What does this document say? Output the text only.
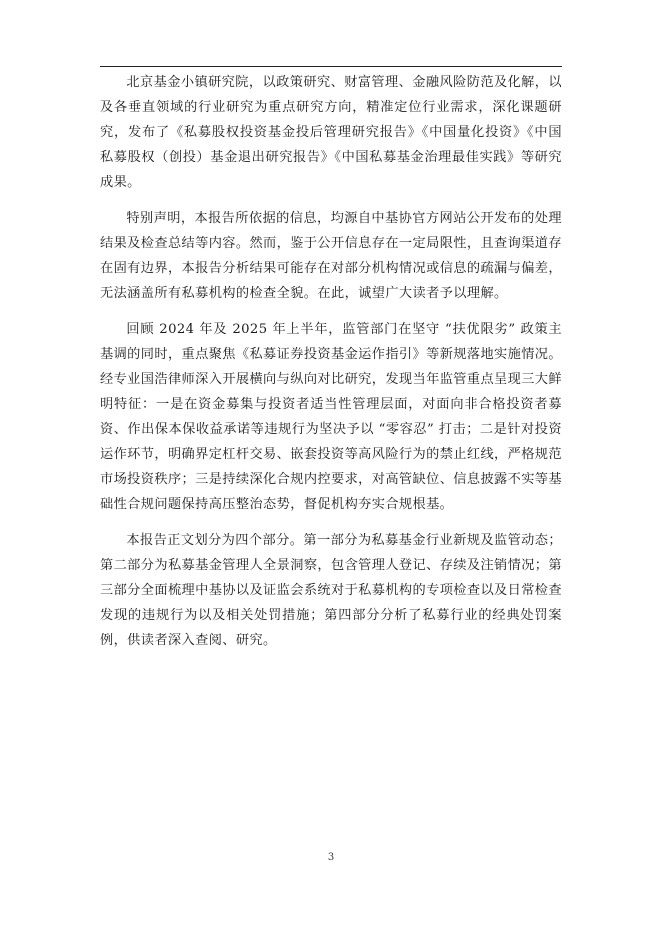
北京基金小镇研究院，以政策研究、财富管理、金融风险防范及化解，以及各垂直领域的行业研究为重点研究方向，精准定位行业需求，深化课题研究，发布了《私募股权投资基金投后管理研究报告》《中国量化投资》《中国私募股权（创投）基金退出研究报告》《中国私募基金治理最佳实践》等研究成果。

特别声明，本报告所依据的信息，均源自中基协官方网站公开发布的处理结果及检查总结等内容。然而，鉴于公开信息存在一定局限性，且查询渠道存在固有边界，本报告分析结果可能存在对部分机构情况或信息的疏漏与偏差，无法涵盖所有私募机构的检查全貌。在此，诚望广大读者予以理解。

回顾 2024 年及 2025 年上半年，监管部门在坚守 “扶优限劣” 政策主基调的同时，重点聚焦《私募证券投资基金运作指引》等新规落地实施情况。经专业国浩律师深入开展横向与纵向对比研究，发现当年监管重点呈现三大鲜明特征：一是在资金募集与投资者适当性管理层面，对面向非合格投资者募资、作出保本保收益承诺等违规行为坚决予以 “零容忍” 打击；二是针对投资运作环节，明确界定杠杆交易、嵌套投资等高风险行为的禁止红线，严格规范市场投资秩序；三是持续深化合规内控要求，对高管缺位、信息披露不实等基础性合规问题保持高压整治态势，督促机构夯实合规根基。

本报告正文划分为四个部分。第一部分为私募基金行业新规及监管动态；第二部分为私募基金管理人全景洞察，包含管理人登记、存续及注销情况；第三部分全面梳理中基协以及证监会系统对于私募机构的专项检查以及日常检查发现的违规行为以及相关处罚措施；第四部分分析了私募行业的经典处罚案例，供读者深入查阅、研究。

3
